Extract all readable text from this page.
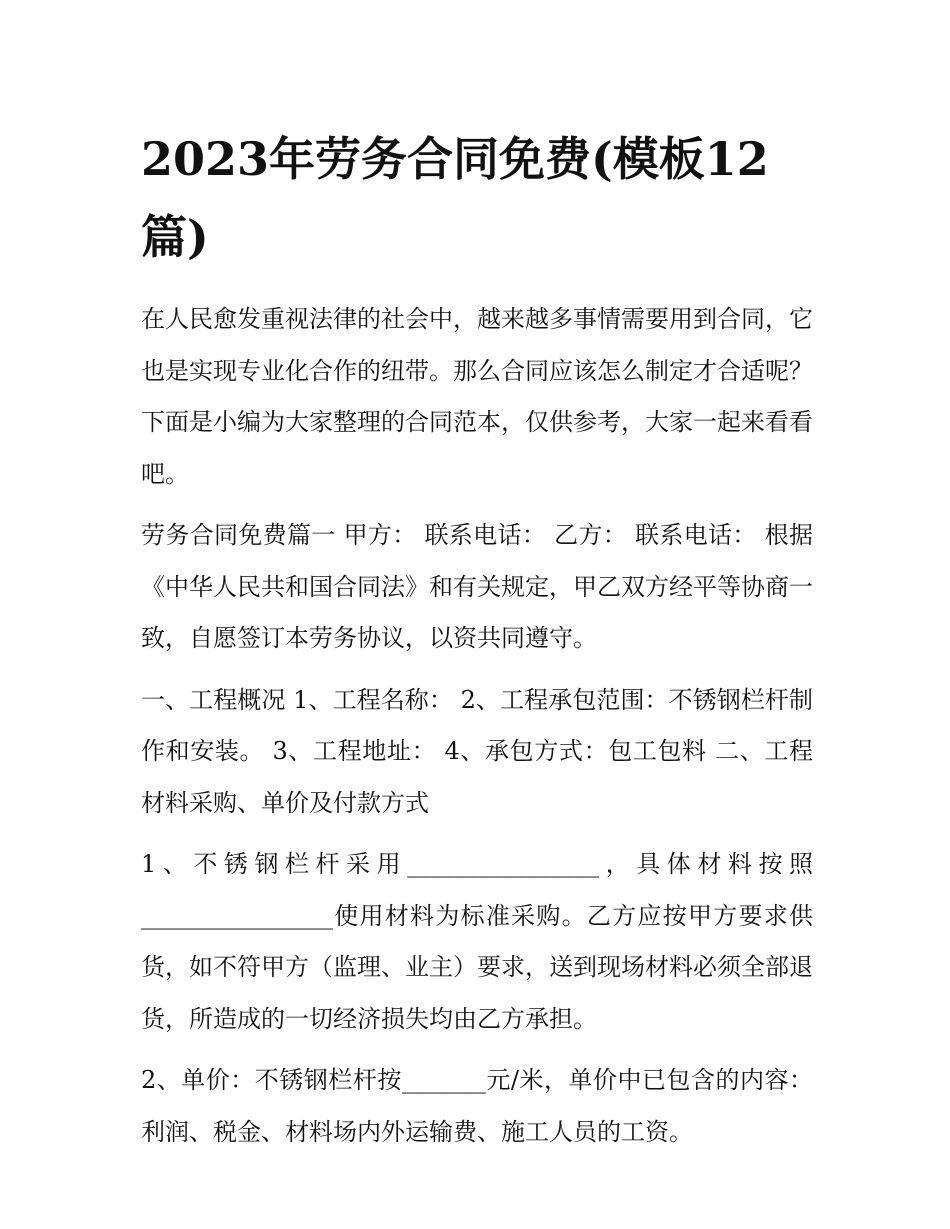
2023年劳务合同免费(模板12篇)

在人民愈发重视法律的社会中，越来越多事情需要用到合同，它也是实现专业化合作的纽带。那么合同应该怎么制定才合适呢？下面是小编为大家整理的合同范本，仅供参考，大家一起来看看吧。

劳务合同免费篇一 甲方： 联系电话： 乙方： 联系电话： 根据《中华人民共和国合同法》和有关规定，甲乙双方经平等协商一致，自愿签订本劳务协议，以资共同遵守。

一、工程概况 1、工程名称： 2、工程承包范围：不锈钢栏杆制作和安装。 3、工程地址： 4、承包方式：包工包料 二、工程材料采购、单价及付款方式

1、不锈钢栏杆采用________________，具体材料按照________________使用材料为标准采购。乙方应按甲方要求供货，如不符甲方（监理、业主）要求，送到现场材料必须全部退货，所造成的一切经济损失均由乙方承担。

2、单价：不锈钢栏杆按_______元/米，单价中已包含的内容：利润、税金、材料场内外运输费、施工人员的工资。
